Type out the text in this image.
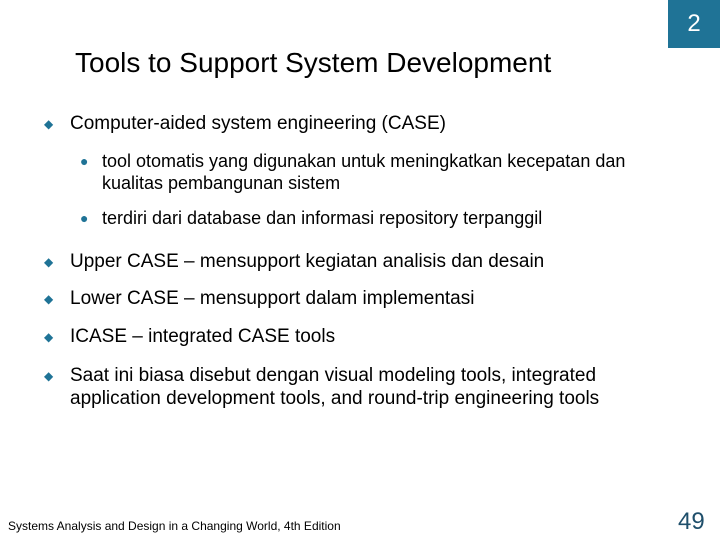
2
Tools to Support System Development
◆ Computer-aided system engineering (CASE)
● tool otomatis yang digunakan untuk meningkatkan kecepatan dan
kualitas pembangunan sistem
● terdiri dari database dan informasi repository terpanggil
◆ Upper CASE – mensupport kegiatan analisis dan desain
◆ Lower CASE – mensupport dalam implementasi
◆ ICASE – integrated CASE tools
◆ Saat ini biasa disebut dengan visual modeling tools, integrated
application development tools, and round-trip engineering tools
Systems Analysis and Design in a Changing World, 4th Edition	49
